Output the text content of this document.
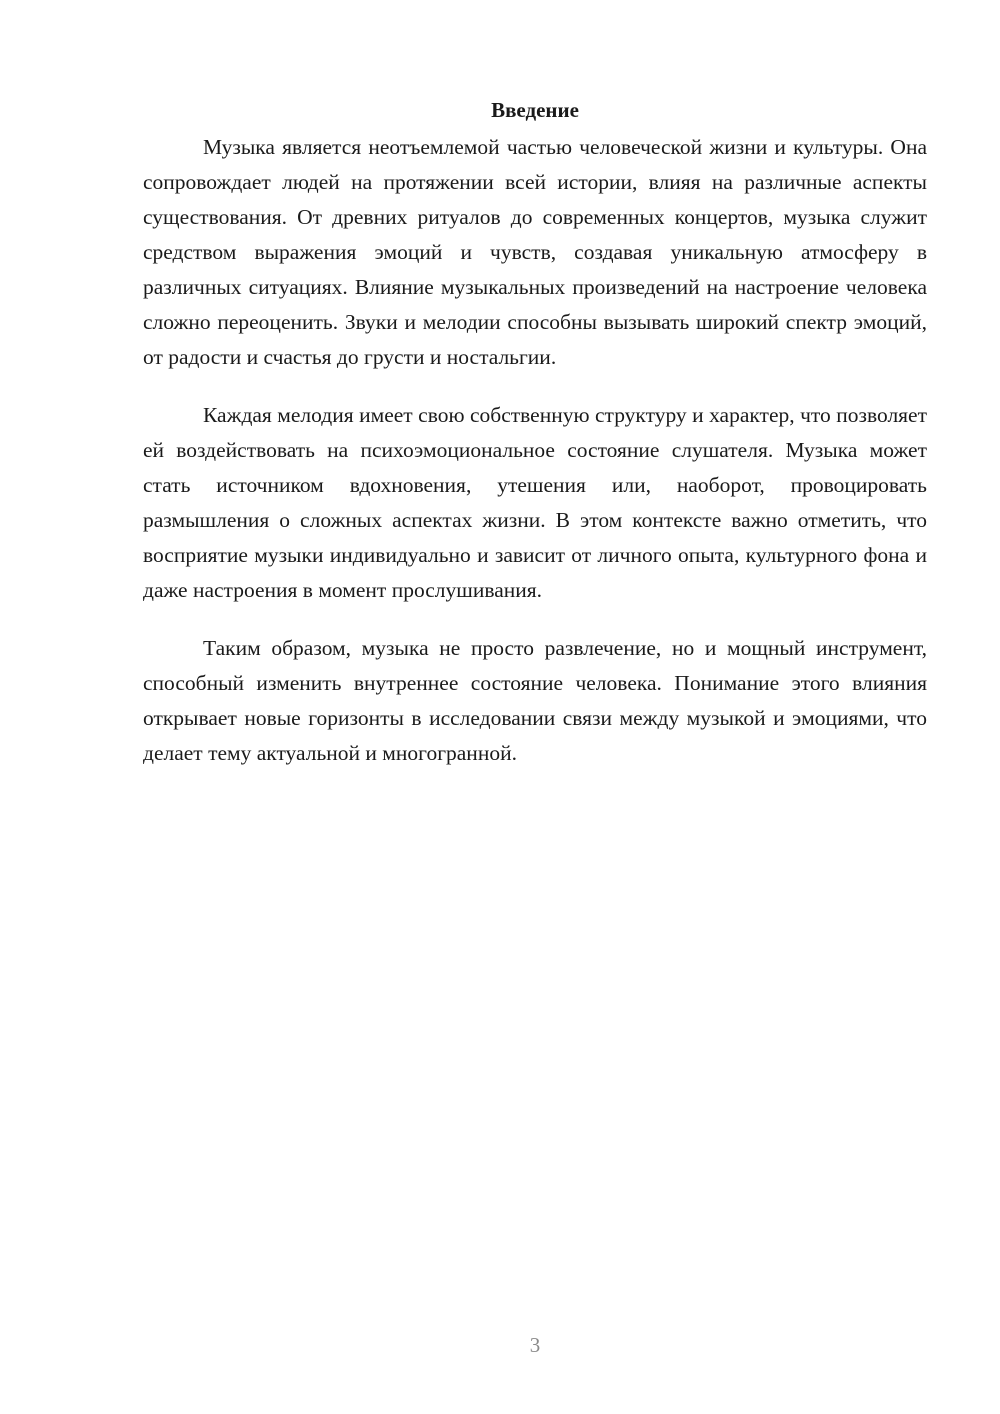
Введение

Музыка является неотъемлемой частью человеческой жизни и культуры. Она сопровождает людей на протяжении всей истории, влияя на различные аспекты существования. От древних ритуалов до современных концертов, музыка служит средством выражения эмоций и чувств, создавая уникальную атмосферу в различных ситуациях. Влияние музыкальных произведений на настроение человека сложно переоценить. Звуки и мелодии способны вызывать широкий спектр эмоций, от радости и счастья до грусти и ностальгии.

Каждая мелодия имеет свою собственную структуру и характер, что позволяет ей воздействовать на психоэмоциональное состояние слушателя. Музыка может стать источником вдохновения, утешения или, наоборот, провоцировать размышления о сложных аспектах жизни. В этом контексте важно отметить, что восприятие музыки индивидуально и зависит от личного опыта, культурного фона и даже настроения в момент прослушивания.

Таким образом, музыка не просто развлечение, но и мощный инструмент, способный изменить внутреннее состояние человека. Понимание этого влияния открывает новые горизонты в исследовании связи между музыкой и эмоциями, что делает тему актуальной и многогранной.

3
